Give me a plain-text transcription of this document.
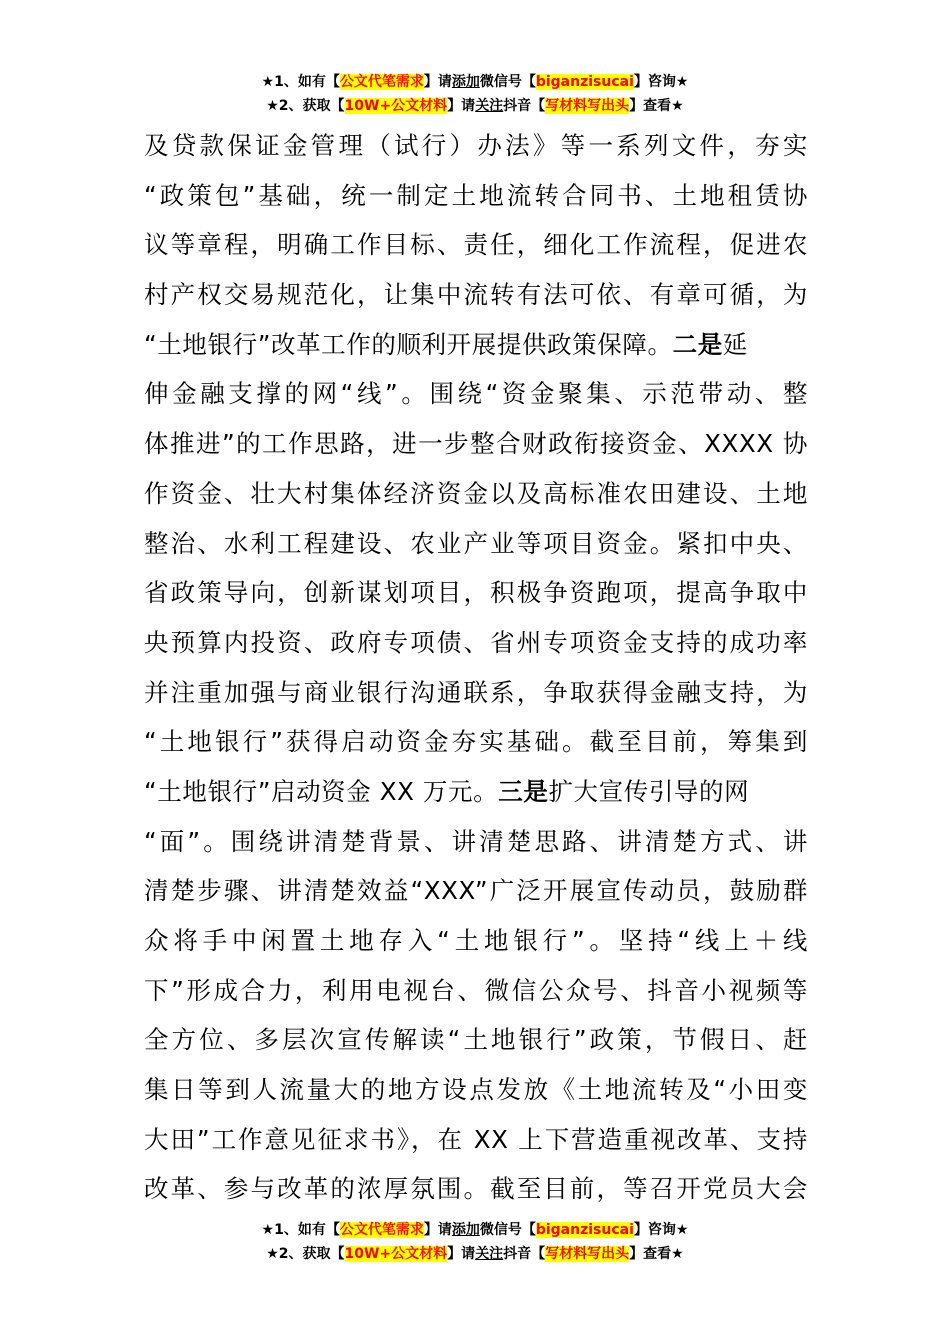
★1、如有【公文代笔需求】请添加微信号【biganzisucai】咨询★
★2、获取【10W+公文材料】请关注抖音【写材料写出头】查看★
及贷款保证金管理（试行）办法》等一系列文件，夯实
“政策包”基础，统一制定土地流转合同书、土地租赁协
议等章程，明确工作目标、责任，细化工作流程，促进农
村产权交易规范化，让集中流转有法可依、有章可循，为
“土地银行”改革工作的顺利开展提供政策保障。二是延
伸金融支撑的网“线”。围绕“资金聚集、示范带动、整
体推进”的工作思路，进一步整合财政衔接资金、XXXX 协
作资金、壮大村集体经济资金以及高标准农田建设、土地
整治、水利工程建设、农业产业等项目资金。紧扣中央、
省政策导向，创新谋划项目，积极争资跑项，提高争取中
央预算内投资、政府专项债、省州专项资金支持的成功率
并注重加强与商业银行沟通联系，争取获得金融支持，为
“土地银行”获得启动资金夯实基础。截至目前，筹集到
“土地银行”启动资金 XX 万元。三是扩大宣传引导的网
“面”。围绕讲清楚背景、讲清楚思路、讲清楚方式、讲
清楚步骤、讲清楚效益“XXX”广泛开展宣传动员，鼓励群
众将手中闲置土地存入“土地银行”。坚持“线上＋线
下”形成合力，利用电视台、微信公众号、抖音小视频等
全方位、多层次宣传解读“土地银行”政策，节假日、赶
集日等到人流量大的地方设点发放《土地流转及“小田变
大田”工作意见征求书》，在 XX 上下营造重视改革、支持
改革、参与改革的浓厚氛围。截至目前，等召开党员大会
★1、如有【公文代笔需求】请添加微信号【biganzisucai】咨询★
★2、获取【10W+公文材料】请关注抖音【写材料写出头】查看★
